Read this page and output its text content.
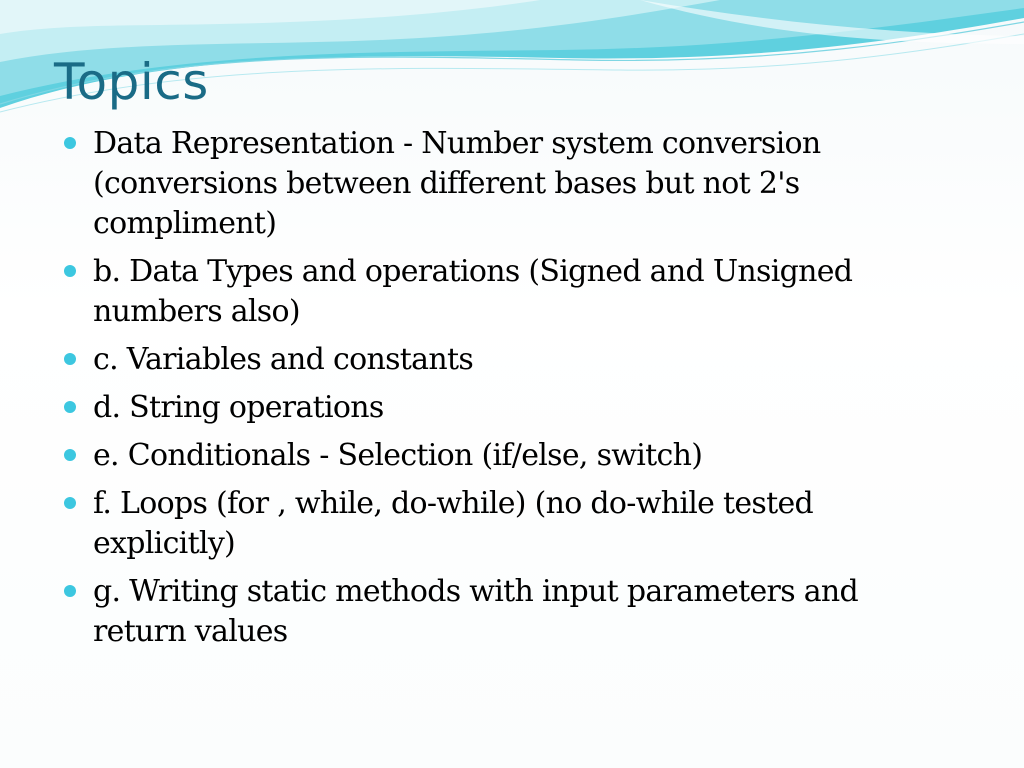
Topics
Data Representation - Number system conversion (conversions between different bases but not 2's compliment)
b. Data Types and operations (Signed and Unsigned numbers also)
c. Variables and constants
d. String operations
e. Conditionals - Selection (if/else, switch)
f. Loops (for , while, do-while) (no do-while tested explicitly)
g. Writing static methods with input parameters and return values
